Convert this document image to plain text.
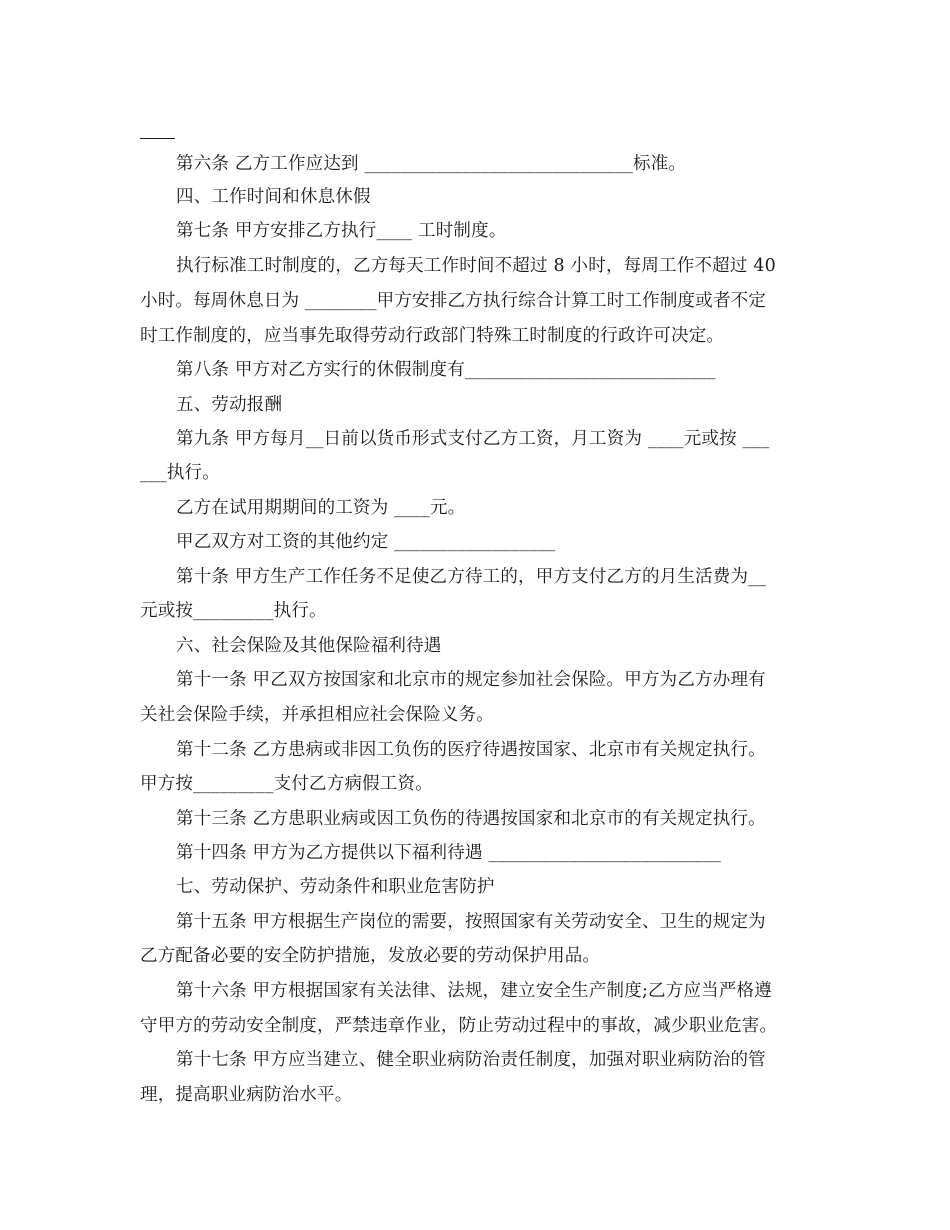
第六条 乙方工作应达到 ______________________________标准。
四、工作时间和休息休假
第七条 甲方安排乙方执行____ 工时制度。
执行标准工时制度的，乙方每天工作时间不超过 8 小时，每周工作不超过 40
小时。每周休息日为 ________甲方安排乙方执行综合计算工时工作制度或者不定
时工作制度的，应当事先取得劳动行政部门特殊工时制度的行政许可决定。
第八条 甲方对乙方实行的休假制度有____________________________
五、劳动报酬
第九条 甲方每月__日前以货币形式支付乙方工资，月工资为 ____元或按 ___
___执行。
乙方在试用期期间的工资为 ____元。
甲乙双方对工资的其他约定 __________________
第十条 甲方生产工作任务不足使乙方待工的，甲方支付乙方的月生活费为__
元或按_________执行。
六、社会保险及其他保险福利待遇
第十一条 甲乙双方按国家和北京市的规定参加社会保险。甲方为乙方办理有
关社会保险手续，并承担相应社会保险义务。
第十二条 乙方患病或非因工负伤的医疗待遇按国家、北京市有关规定执行。
甲方按_________支付乙方病假工资。
第十三条 乙方患职业病或因工负伤的待遇按国家和北京市的有关规定执行。
第十四条 甲方为乙方提供以下福利待遇 __________________________
七、劳动保护、劳动条件和职业危害防护
第十五条 甲方根据生产岗位的需要，按照国家有关劳动安全、卫生的规定为
乙方配备必要的安全防护措施，发放必要的劳动保护用品。
第十六条 甲方根据国家有关法律、法规，建立安全生产制度;乙方应当严格遵
守甲方的劳动安全制度，严禁违章作业，防止劳动过程中的事故，减少职业危害。
第十七条 甲方应当建立、健全职业病防治责任制度，加强对职业病防治的管
理，提高职业病防治水平。
